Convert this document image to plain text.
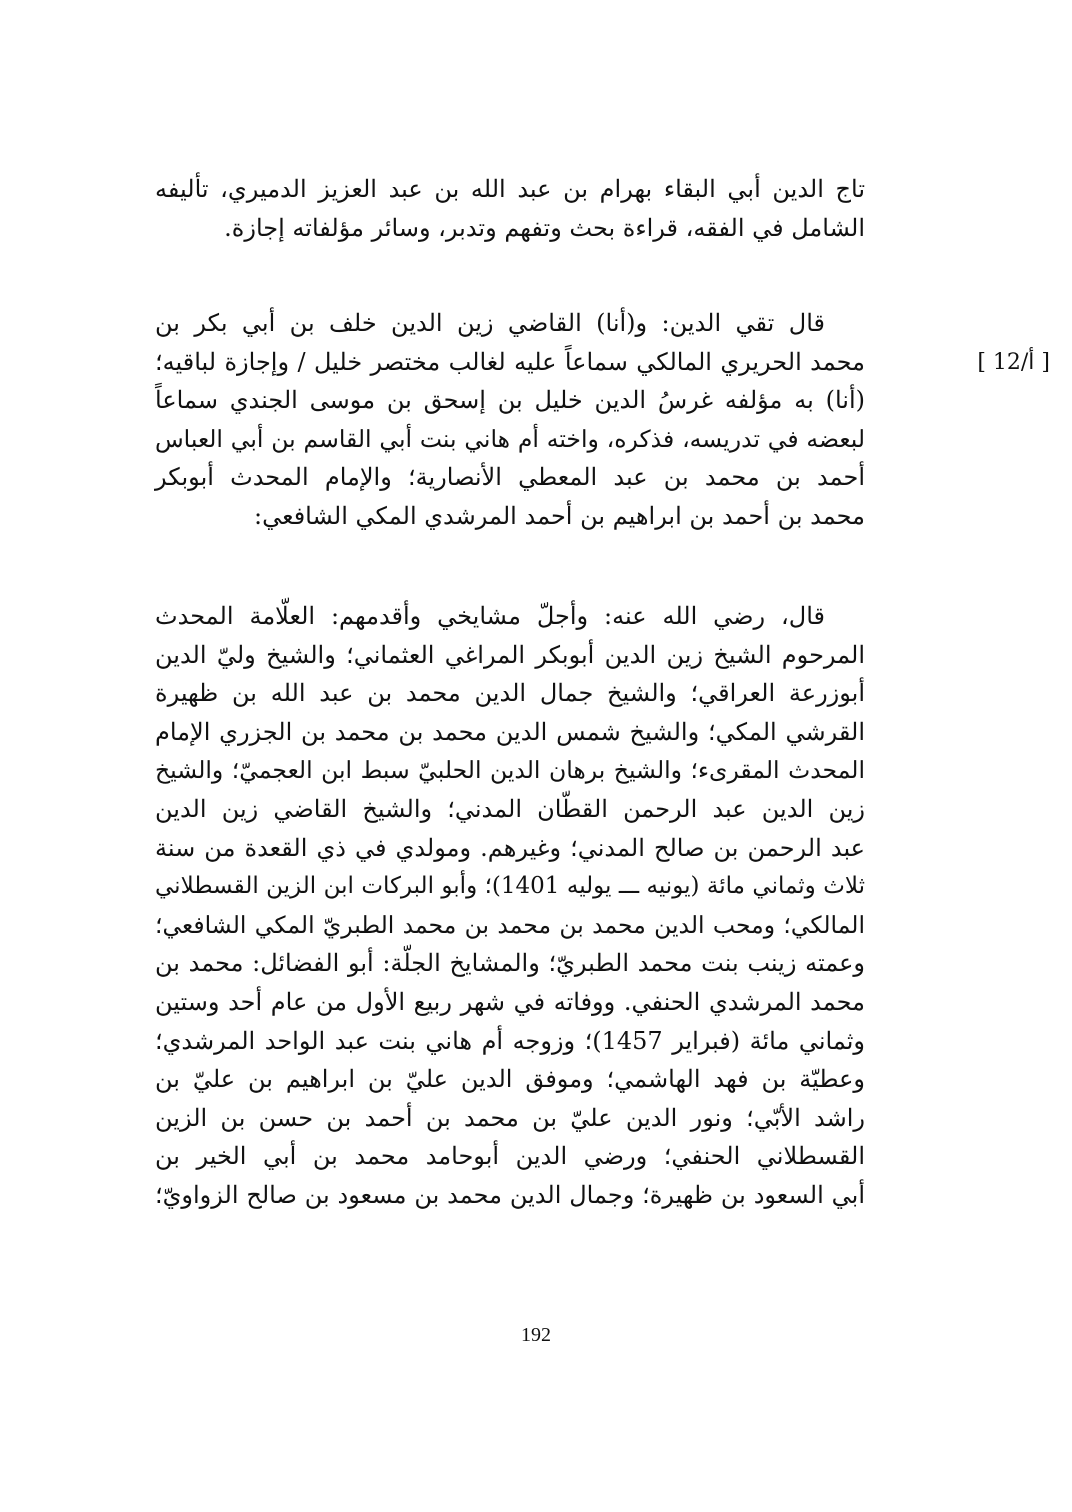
تاج الدين أبي البقاء بهرام بن عبد الله بن عبد العزيز الدميري، تأليفه
الشامل في الفقه، قراءة بحث وتفهم وتدبر، وسائر مؤلفاته إجازة.
قال تقي الدين: و(أنا) القاضي زين الدين خلف بن أبي بكر بن
محمد الحريري المالكي سماعاً عليه لغالب مختصر خليل / وإجازة لباقيه؛
(أنا) به مؤلفه غرسُ الدين خليل بن إسحق بن موسى الجندي سماعاً
لبعضه في تدريسه، فذكره، واخته أم هاني بنت أبي القاسم بن أبي العباس
أحمد بن محمد بن عبد المعطي الأنصارية؛ والإمام المحدث أبوبكر
محمد بن أحمد بن ابراهيم بن أحمد المرشدي المكي الشافعي:
[ 12/أ ]
قال، رضي الله عنه: وأجلّ مشايخي وأقدمهم: العلّامة المحدث
المرحوم الشيخ زين الدين أبوبكر المراغي العثماني؛ والشيخ وليّ الدين
أبوزرعة العراقي؛ والشيخ جمال الدين محمد بن عبد الله بن ظهيرة
القرشي المكي؛ والشيخ شمس الدين محمد بن محمد بن الجزري الإمام
المحدث المقرىء؛ والشيخ برهان الدين الحلبيّ سبط ابن العجميّ؛ والشيخ
زين الدين عبد الرحمن القطّان المدني؛ والشيخ القاضي زين الدين
عبد الرحمن بن صالح المدني؛ وغيرهم. ومولدي في ذي القعدة من سنة
ثلاث وثماني مائة (يونيه ـــ يوليه 1401)؛ وأبو البركات ابن الزين القسطلاني
المالكي؛ ومحب الدين محمد بن محمد بن محمد الطبريّ المكي الشافعي؛
وعمته زينب بنت محمد الطبريّ؛ والمشايخ الجلّة: أبو الفضائل: محمد بن
محمد المرشدي الحنفي. ووفاته في شهر ربيع الأول من عام أحد وستين
وثماني مائة (فبراير 1457)؛ وزوجه أم هاني بنت عبد الواحد المرشدي؛
وعطيّة بن فهد الهاشمي؛ وموفق الدين عليّ بن ابراهيم بن عليّ بن
راشد الأبّي؛ ونور الدين عليّ بن محمد بن أحمد بن حسن بن الزين
القسطلاني الحنفي؛ ورضي الدين أبوحامد محمد بن أبي الخير بن
أبي السعود بن ظهيرة؛ وجمال الدين محمد بن مسعود بن صالح الزواويّ؛
192
